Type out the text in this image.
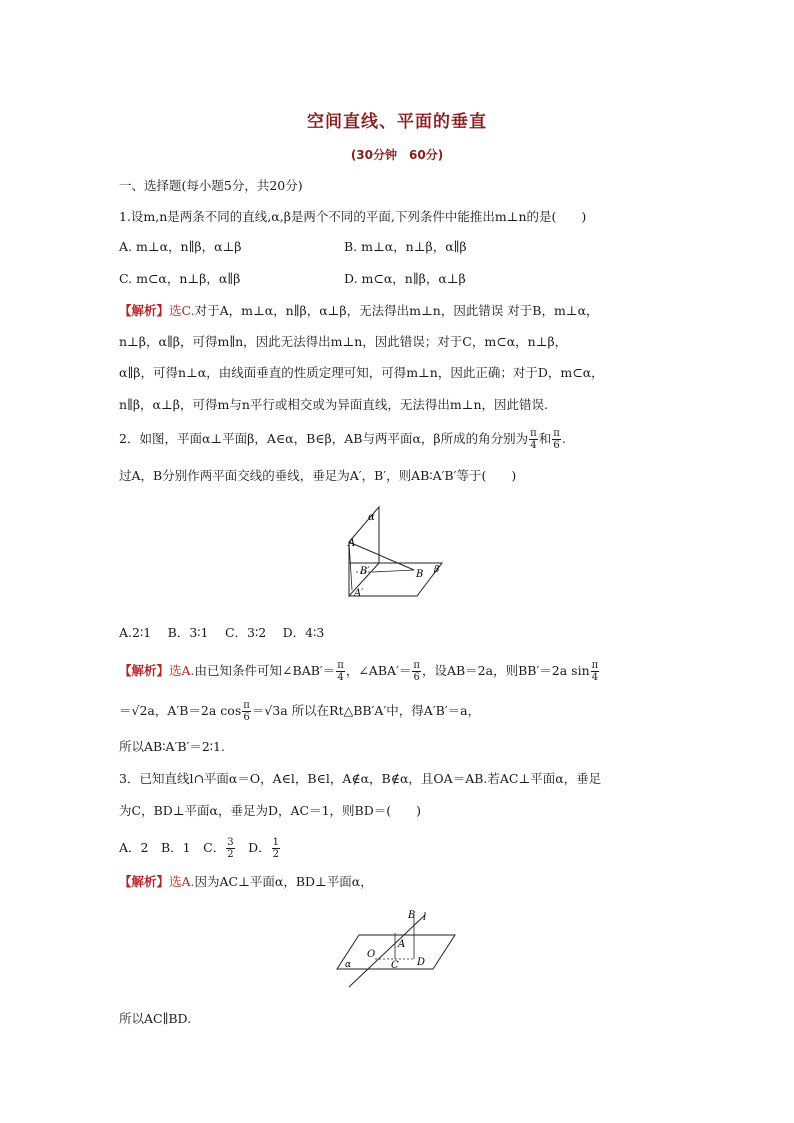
空间直线、平面的垂直
(30分钟　60分)
一、选择题(每小题5分，共20分)
1.设m,n是两条不同的直线,α,β是两个不同的平面,下列条件中能推出m⊥n的是(　　)
A. m⊥α，n∥β，α⊥β	B. m⊥α，n⊥β，α∥β
C. m⊂α，n⊥β，α∥β	D. m⊂α，n∥β，α⊥β
【解析】选C.对于A，m⊥α，n∥β，α⊥β，无法得出m⊥n，因此错误 对于B，m⊥α，
n⊥β，α∥β，可得m∥n，因此无法得出m⊥n，因此错误；对于C，m⊂α，n⊥β，
α∥β，可得n⊥α，由线面垂直的性质定理可知，可得m⊥n，因此正确；对于D，m⊂α，
n∥β，α⊥β，可得m与n平行或相交或为异面直线，无法得出m⊥n，因此错误.
2．如图，平面α⊥平面β，A∈α，B∈β，AB与两平面α，β所成的角分别为 $\frac{\pi}{4}$ 和 $\frac{\pi}{6}$ .
过A，B分别作两平面交线的垂线，垂足为A′，B′，则AB∶A′B′等于(　　)
α
β
A
B
B′
A′
A.2∶1　 B．3∶1　 C．3∶2　 D．4∶3
【解析】选A.由已知条件可知∠BAB′＝ $\frac{\pi}{4}$ ，∠ABA′＝ $\frac{\pi}{6}$ ，设AB＝2a，则BB′＝2a $\sin \frac{\pi}{4}$
＝√2a，A′B＝2a $\cos \frac{\pi}{6} =√3a$ 所以在Rt△BB′A′中，得A′B′＝a，
所以AB∶A′B′＝2∶1.
3．已知直线l∩平面α＝O，A∈l，B∈l，A∉α，B∉α，且OA＝AB.若AC⊥平面α，垂足
为C，BD⊥平面α，垂足为D，AC＝1，则BD＝(　　)
A．2　 B．1　 C． $\frac{3}{2}$
　 D． $\frac{1}{2}$
【解析】选A.因为AC⊥平面α，BD⊥平面α，
B l
A
O
C D
α
所以AC∥BD.
